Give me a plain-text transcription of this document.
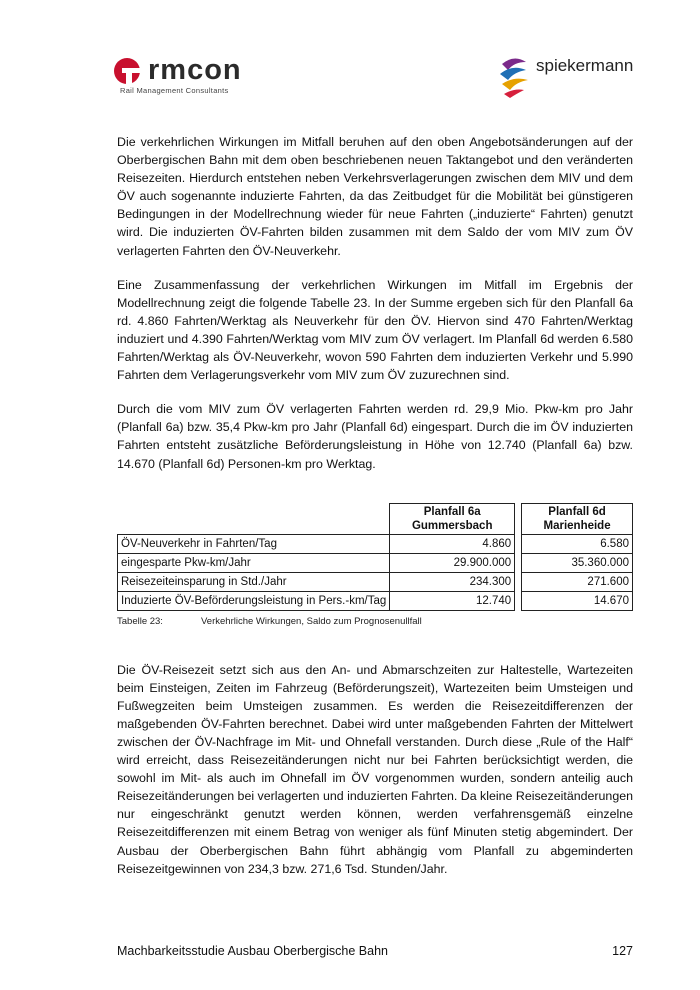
rmcon
Rail Management Consultants
spiekermann

Die verkehrlichen Wirkungen im Mitfall beruhen auf den oben Angebotsänderungen auf der Oberbergischen Bahn mit dem oben beschriebenen neuen Taktangebot und den veränderten Reisezeiten. Hierdurch entstehen neben Verkehrsverlagerungen zwischen dem MIV und dem ÖV auch sogenannte induzierte Fahrten, da das Zeitbudget für die Mobilität bei günstigeren Bedingungen in der Modellrechnung wieder für neue Fahrten („induzierte“ Fahrten) genutzt wird. Die induzierten ÖV-Fahrten bilden zusammen mit dem Saldo der vom MIV zum ÖV verlagerten Fahrten den ÖV-Neuverkehr.

Eine Zusammenfassung der verkehrlichen Wirkungen im Mitfall im Ergebnis der Modellrechnung zeigt die folgende Tabelle 23. In der Summe ergeben sich für den Planfall 6a rd. 4.860 Fahrten/Werktag als Neuverkehr für den ÖV. Hiervon sind 470 Fahrten/Werktag induziert und 4.390 Fahrten/Werktag vom MIV zum ÖV verlagert. Im Planfall 6d werden 6.580 Fahrten/Werktag als ÖV-Neuverkehr, wovon 590 Fahrten dem induzierten Verkehr und 5.990 Fahrten dem Verlagerungsverkehr vom MIV zum ÖV zuzurechnen sind.

Durch die vom MIV zum ÖV verlagerten Fahrten werden rd. 29,9 Mio. Pkw-km pro Jahr (Planfall 6a) bzw. 35,4 Pkw-km pro Jahr (Planfall 6d) eingespart. Durch die im ÖV induzierten Fahrten entsteht zusätzliche Beförderungsleistung in Höhe von 12.740 (Planfall 6a) bzw. 14.670 (Planfall 6d) Personen-km pro Werktag.

	Planfall 6a
Gummersbach		Planfall 6d
Marienheide
ÖV-Neuverkehr in Fahrten/Tag	4.860		6.580
eingesparte Pkw-km/Jahr	29.900.000		35.360.000
Reisezeiteinsparung in Std./Jahr	234.300		271.600
Induzierte ÖV-Beförderungsleistung in Pers.-km/Tag	12.740		14.670
Tabelle 23:	Verkehrliche Wirkungen, Saldo zum Prognosenullfall

Die ÖV-Reisezeit setzt sich aus den An- und Abmarschzeiten zur Haltestelle, Wartezeiten beim Einsteigen, Zeiten im Fahrzeug (Beförderungszeit), Wartezeiten beim Umsteigen und Fußwegzeiten beim Umsteigen zusammen. Es werden die Reisezeitdifferenzen der maßgebenden ÖV-Fahrten berechnet. Dabei wird unter maßgebenden Fahrten der Mittelwert zwischen der ÖV-Nachfrage im Mit- und Ohnefall verstanden. Durch diese „Rule of the Half“ wird erreicht, dass Reisezeitänderungen nicht nur bei Fahrten berücksichtigt werden, die sowohl im Mit- als auch im Ohnefall im ÖV vorgenommen wurden, sondern anteilig auch Reisezeitänderungen bei verlagerten und induzierten Fahrten. Da kleine Reisezeitänderungen nur eingeschränkt genutzt werden können, werden verfahrensgemäß einzelne Reisezeitdifferenzen mit einem Betrag von weniger als fünf Minuten stetig abgemindert. Der Ausbau der Oberbergischen Bahn führt abhängig vom Planfall zu abgeminderten Reisezeitgewinnen von 234,3 bzw. 271,6 Tsd. Stunden/Jahr.

Machbarkeitsstudie Ausbau Oberbergische Bahn	127
